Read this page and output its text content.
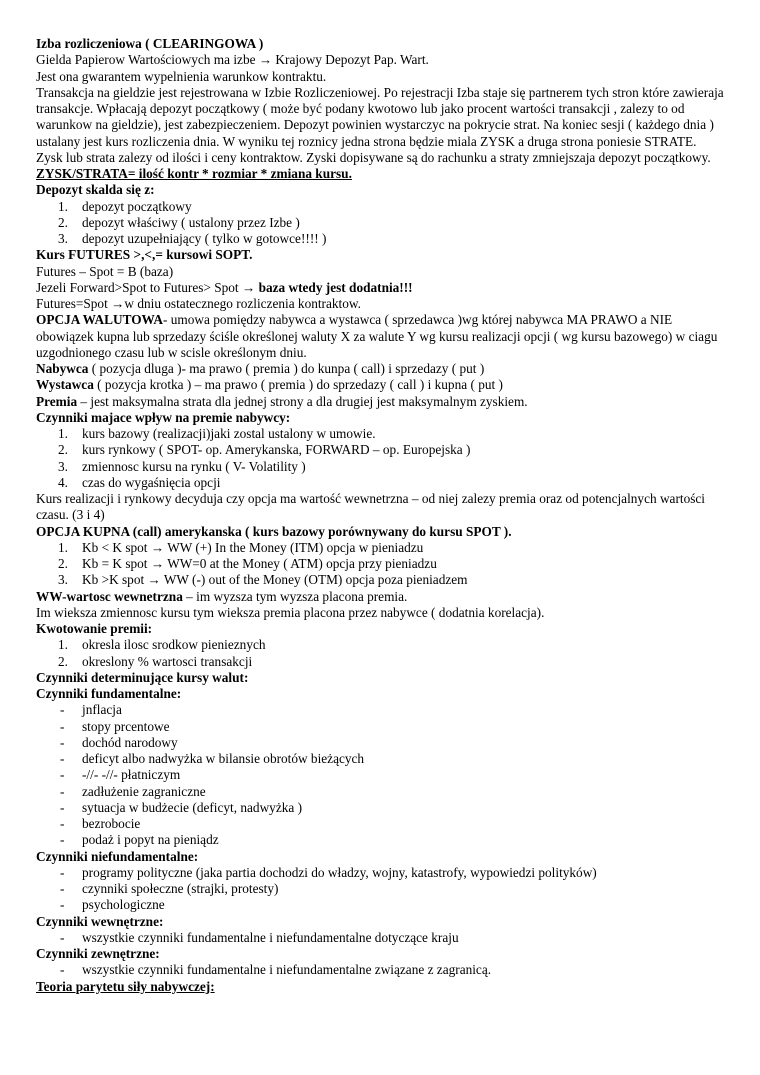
Izba rozliczeniowa ( CLEARINGOWA )

Gielda Papierow Wartościowych ma izbe → Krajowy Depozyt Pap. Wart.

Jest ona gwarantem wypelnienia warunkow kontraktu.

Transakcja na gieldzie jest rejestrowana w Izbie Rozliczeniowej. Po rejestracji Izba staje się partnerem tych stron które zawieraja transakcje. Wpłacają depozyt początkowy ( może być podany kwotowo lub jako procent wartości transakcji , zalezy to od warunkow na gieldzie), jest zabezpieczeniem. Depozyt powinien wystarczyc na pokrycie strat. Na koniec sesji ( każdego dnia ) ustalany jest kurs rozliczenia dnia. W wyniku tej roznicy jedna strona będzie miala ZYSK a druga strona poniesie STRATE. Zysk lub strata zalezy od ilości i ceny kontraktow. Zyski dopisywane są do rachunku a straty zmniejszaja depozyt początkowy.

ZYSK/STRATA= ilość kontr * rozmiar * zmiana kursu.

Depozyt skalda się z:

1. depozyt początkowy
2. depozyt właściwy ( ustalony przez Izbe )
3. depozyt uzupełniający ( tylko w gotowce!!!! )

Kurs FUTURES >,<,= kursowi SOPT.

Futures – Spot = B (baza)

Jezeli Forward>Spot to Futures> Spot → baza wtedy jest dodatnia!!!

Futures=Spot →w dniu ostatecznego rozliczenia kontraktow.

OPCJA WALUTOWA- umowa pomiędzy nabywca a wystawca ( sprzedawca )wg której nabywca MA PRAWO a NIE obowiązek kupna lub sprzedazy ściśle określonej waluty X za walute Y wg kursu realizacji opcji ( wg kursu bazowego) w ciagu uzgodnionego czasu lub w scisle określonym dniu.

Nabywca ( pozycja dluga )- ma prawo ( premia ) do kunpa ( call) i sprzedazy ( put )

Wystawca ( pozycja krotka ) – ma prawo ( premia ) do sprzedazy ( call ) i kupna ( put )

Premia – jest maksymalna strata dla jednej strony a dla drugiej jest maksymalnym zyskiem.

Czynniki majace wpływ na premie nabywcy:

1. kurs bazowy (realizacji)jaki zostal ustalony w umowie.
2. kurs rynkowy ( SPOT- op. Amerykanska, FORWARD – op. Europejska )
3. zmiennosc kursu na rynku ( V- Volatility )
4. czas do wygaśnięcia opcji

Kurs realizacji i rynkowy decyduja czy opcja ma wartość wewnetrzna – od niej zalezy premia oraz od potencjalnych wartości czasu. (3 i 4)

OPCJA KUPNA (call) amerykanska ( kurs bazowy porównywany do kursu SPOT ).

1. Kb < K spot → WW (+) In the Money (ITM) opcja w pieniadzu
2. Kb = K spot → WW=0 at the Money ( ATM) opcja przy pieniadzu
3. Kb >K spot → WW (-) out of the Money (OTM) opcja poza pieniadzem

WW-wartosc wewnetrzna – im wyzsza tym wyzsza placona premia.

Im wieksza zmiennosc kursu tym wieksza premia placona przez nabywce ( dodatnia korelacja).

Kwotowanie premii:

1. okresla ilosc srodkow pienieznych
2. okreslony % wartosci transakcji

Czynniki determinujące kursy walut:

Czynniki fundamentalne:

- jnflacja
- stopy prcentowe
- dochód narodowy
- deficyt albo nadwyżka w bilansie obrotów bieżących
- -//- -//- płatniczym
- zadłużenie zagraniczne
- sytuacja w budżecie (deficyt, nadwyżka )
- bezrobocie
- podaż i popyt na pieniądz

Czynniki niefundamentalne:

- programy polityczne (jaka partia dochodzi do władzy, wojny, katastrofy, wypowiedzi polityków)
- czynniki społeczne (strajki, protesty)
- psychologiczne

Czynniki wewnętrzne:

- wszystkie czynniki fundamentalne i niefundamentalne dotyczące kraju

Czynniki zewnętrzne:

- wszystkie czynniki fundamentalne i niefundamentalne związane z zagranicą.

Teoria parytetu siły nabywczej:
